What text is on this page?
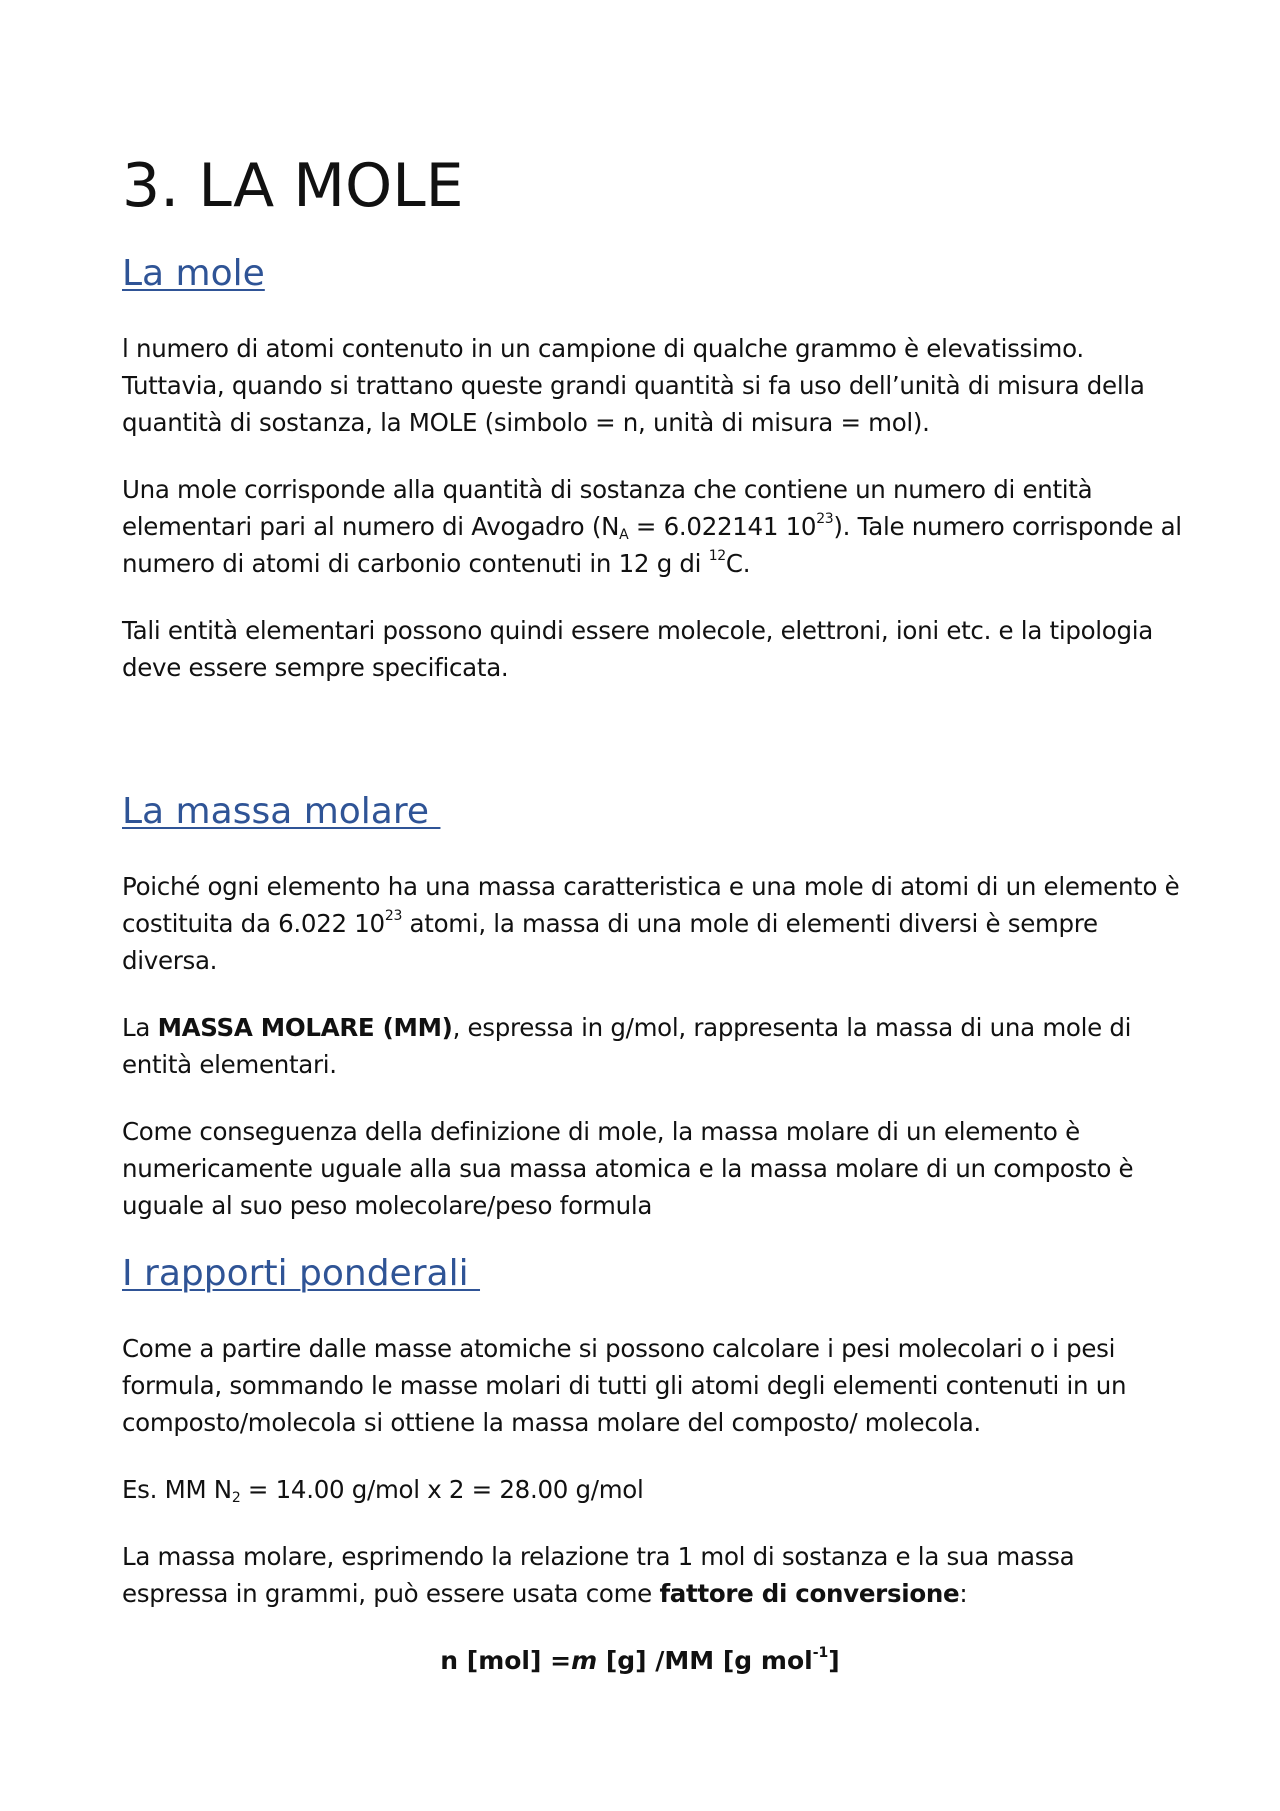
3. LA MOLE
La mole

l numero di atomi contenuto in un campione di qualche grammo è elevatissimo. Tuttavia, quando si trattano queste grandi quantità si fa uso dell’unità di misura della quantità di sostanza, la MOLE (simbolo = n, unità di misura = mol).

Una mole corrisponde alla quantità di sostanza che contiene un numero di entità elementari pari al numero di Avogadro ($N_A = 6.022141$ $10^{23}$). Tale numero corrisponde al numero di atomi di carbonio contenuti in 12 g di $^{12}$C.

Tali entità elementari possono quindi essere molecole, elettroni, ioni etc. e la tipologia deve essere sempre specificata.

La massa molare

Poiché ogni elemento ha una massa caratteristica e una mole di atomi di un elemento è costituita da 6.022 $10^{23}$ atomi, la massa di una mole di elementi diversi è sempre diversa.

La MASSA MOLARE (MM), espressa in g/mol, rappresenta la massa di una mole di entità elementari.

Come conseguenza della definizione di mole, la massa molare di un elemento è numericamente uguale alla sua massa atomica e la massa molare di un composto è uguale al suo peso molecolare/peso formula

I rapporti ponderali

Come a partire dalle masse atomiche si possono calcolare i pesi molecolari o i pesi formula, sommando le masse molari di tutti gli atomi degli elementi contenuti in un composto/molecola si ottiene la massa molare del composto/ molecola.

Es. MM $N_2 = 14.00$ g/mol x 2 = 28.00 g/mol

La massa molare, esprimendo la relazione tra 1 mol di sostanza e la sua massa espressa in grammi, può essere usata come fattore di conversione:

n [mol] =m [g] /MM [g mol$^{-1}$]
